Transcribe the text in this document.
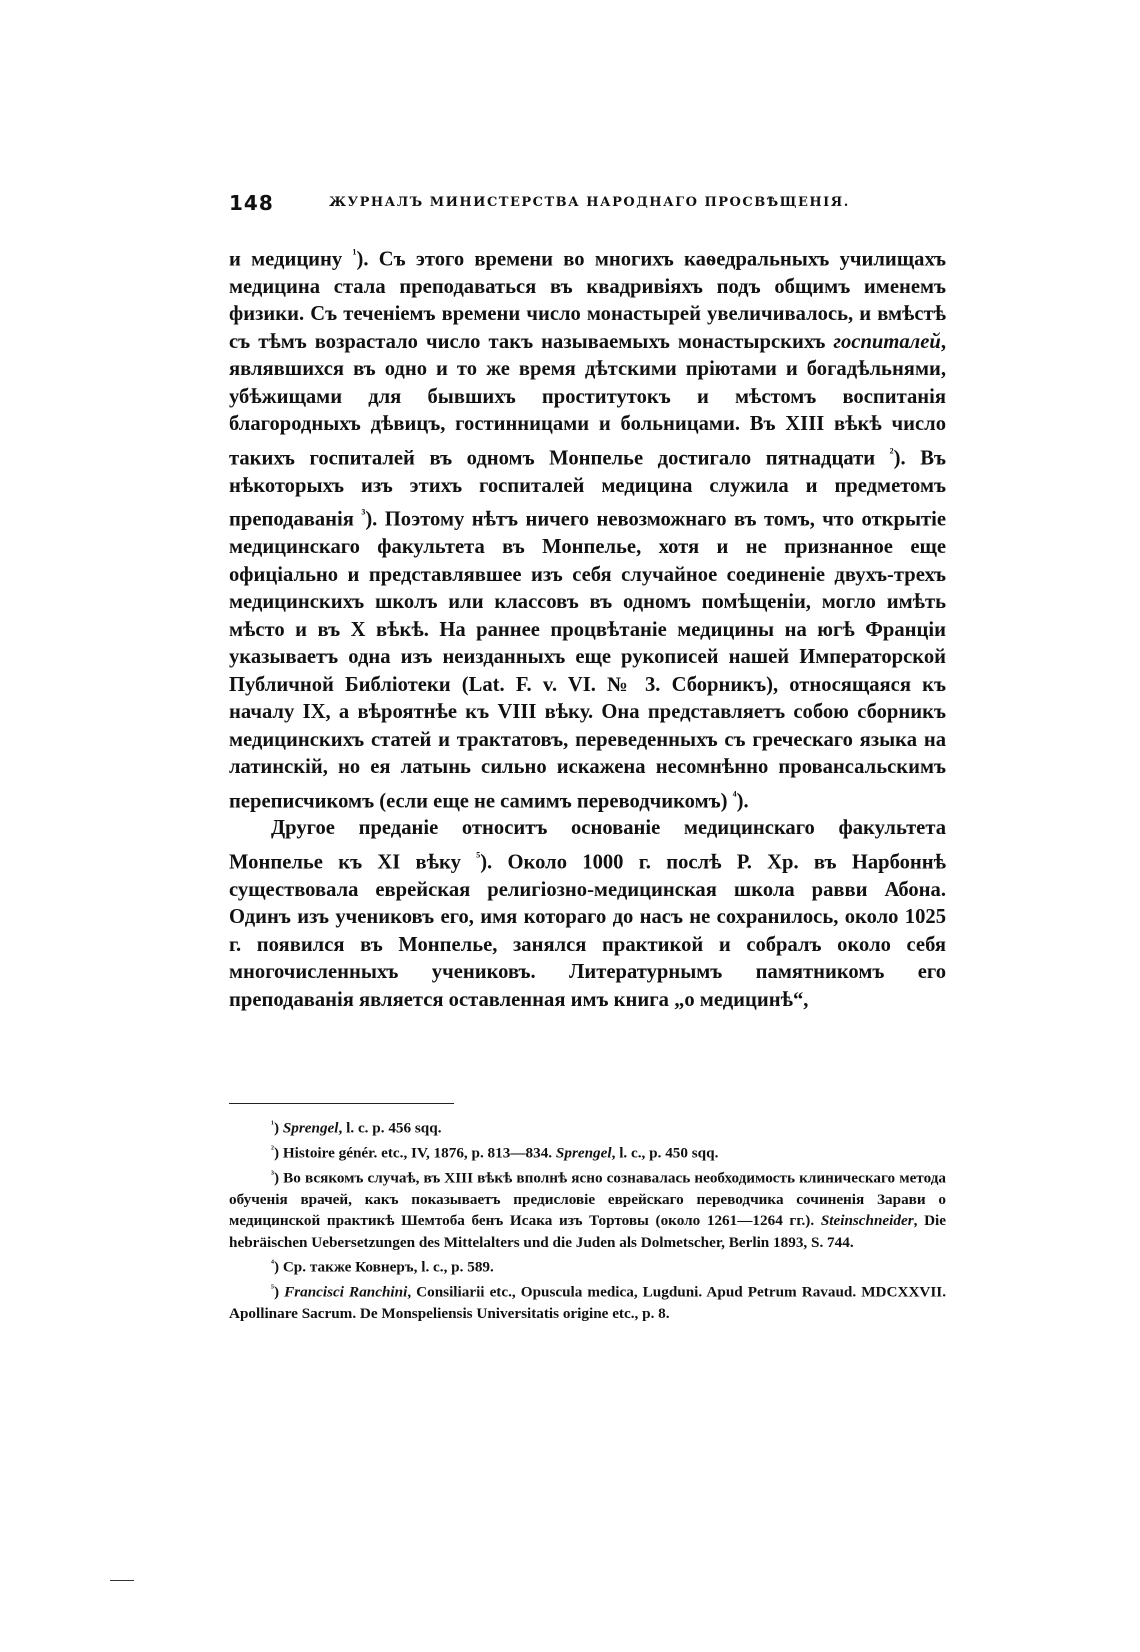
148	ЖУРНАЛЪ МИНИСТЕРСТВА НАРОДНАГО ПРОСВѢЩЕНІЯ.

и медицину $^{^1}$). Съ этого времени во многихъ каѳедральныхъ училищахъ медицина стала преподаваться въ квадривіяхъ подъ общимъ именемъ физики. Съ теченіемъ времени число монастырей увеличивалось, и вмѣстѣ съ тѣмъ возрастало число такъ называемыхъ монастырскихъ госпиталей, являвшихся въ одно и то же время дѣтскими пріютами и богадѣльнями, убѣжищами для бывшихъ проститутокъ и мѣстомъ воспитанія благородныхъ дѣвицъ, гостинницами и больницами. Въ XIII вѣкѣ число такихъ госпиталей въ одномъ Монпелье достигало пятнадцати $^{^2}$). Въ нѣкоторыхъ изъ этихъ госпиталей медицина служила и предметомъ преподаванія $^{^3}$). Поэтому нѣтъ ничего невозможнаго въ томъ, что открытіе медицинскаго факультета въ Монпелье, хотя и не признанное еще офиціально и представлявшее изъ себя случайное соединеніе двухъ-трехъ медицинскихъ школъ или классовъ въ одномъ помѣщеніи, могло имѣть мѣсто и въ X вѣкѣ. На раннее процвѣтаніе медицины на югѣ Франціи указываетъ одна изъ неизданныхъ еще рукописей нашей Императорской Публичной Библіотеки (Lat. F. v. VI. № 3. Сборникъ), относящаяся къ началу IX, а вѣроятнѣе къ VIII вѣку. Она представляетъ собою сборникъ медицинскихъ статей и трактатовъ, переведенныхъ съ греческаго языка на латинскій, но ея латынь сильно искажена несомнѣнно провансальскимъ переписчикомъ (если еще не самимъ переводчикомъ) $^{^4}$).

Другое преданіе относитъ основаніе медицинскаго факультета Монпелье къ XI вѣку $^{^5}$). Около 1000 г. послѣ Р. Хр. въ Нарбоннѣ существовала еврейская религіозно-медицинская школа равви Абона. Одинъ изъ учениковъ его, имя котораго до насъ не сохранилось, около 1025 г. появился въ Монпелье, занялся практикой и собралъ около себя многочисленныхъ учениковъ. Литературнымъ памятникомъ его преподаванія является оставленная имъ книга „о медицинѣ“,

$^{^1}$) Sprengel, l. c. p. 456 sqq.

$^{^2}$) Histoire génér. etc., IV, 1876, p. 813—834. Sprengel, l. c., p. 450 sqq.

$^{^3}$) Во всякомъ случаѣ, въ XIII вѣкѣ вполнѣ ясно сознавалась необходимость клиническаго метода обученія врачей, какъ показываетъ предисловіе еврейскаго переводчика сочиненія Зарави о медицинской практикѣ Шемтоба бенъ Исака изъ Тортовы (около 1261—1264 гг.). Steinschneider, Die hebräischen Uebersetzungen des Mittelalters und die Juden als Dolmetscher, Berlin 1893, S. 744.

$^{^4}$) Ср. также Ковнеръ, l. c., p. 589.

$^{^5}$) Francisci Ranchini, Consiliarii etc., Opuscula medica, Lugduni. Apud Petrum Ravaud. MDCXXVII. Apollinare Sacrum. De Monspeliensis Universitatis origine etc., p. 8.
